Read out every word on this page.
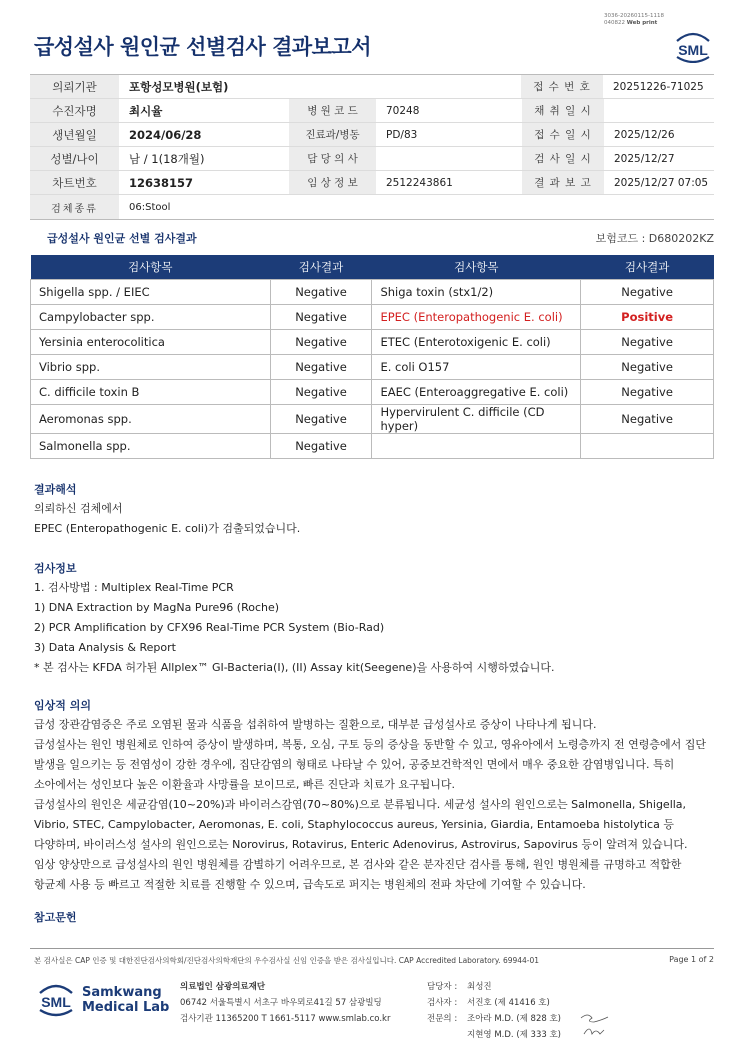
3036-20260115-1118
040822 Web print
급성설사 원인균 선별검사 결과보고서	SML
의뢰기관	포항성모병원(보험)	접 수 번 호	20251226-71025
수진자명	최시율	병 원 코 드	70248	채 취 일 시
생년월일	2024/06/28	진료과/병동	PD/83	접 수 일 시	2025/12/26
성별/나이	남 / 1(18개월)	담 당 의 사	검 사 일 시	2025/12/27
차트번호	12638157	임 상 정 보	2512243861	결 과 보 고	2025/12/27 07:05
검체종류	06:Stool
급성설사 원인균 선별 검사결과	보험코드 : D680202KZ
검사항목	검사결과	검사항목	검사결과
Shigella spp. / EIEC	Negative	Shiga toxin (stx1/2)	Negative
Campylobacter spp.	Negative	EPEC (Enteropathogenic E. coli)	Positive
Yersinia enterocolitica	Negative	ETEC (Enterotoxigenic E. coli)	Negative
Vibrio spp.	Negative	E. coli O157	Negative
C. difficile toxin B	Negative	EAEC (Enteroaggregative E. coli)	Negative
Aeromonas spp.	Negative	Hypervirulent C. difficile (CD hyper)	Negative
Salmonella spp.	Negative		
결과해석
의뢰하신 검체에서
EPEC (Enteropathogenic E. coli)가 검출되었습니다.
검사정보
1. 검사방법 : Multiplex Real-Time PCR
1) DNA Extraction by MagNa Pure96 (Roche)
2) PCR Amplification by CFX96 Real-Time PCR System (Bio-Rad)
3) Data Analysis & Report
* 본 검사는 KFDA 허가된 Allplex™ GI-Bacteria(I), (II) Assay kit(Seegene)을 사용하여 시행하였습니다.
임상적 의의
급성 장관감염증은 주로 오염된 물과 식품을 섭취하여 발병하는 질환으로, 대부분 급성설사로 증상이 나타나게 됩니다.
급성설사는 원인 병원체로 인하여 증상이 발생하며, 복통, 오심, 구토 등의 증상을 동반할 수 있고, 영유아에서 노령층까지 전 연령층에서 집단
발생을 일으키는 등 전염성이 강한 경우에, 집단감염의 형태로 나타날 수 있어, 공중보건학적인 면에서 매우 중요한 감염병입니다. 특히
소아에서는 성인보다 높은 이환율과 사망률을 보이므로, 빠른 진단과 치료가 요구됩니다.
급성설사의 원인은 세균감염(10~20%)과 바이러스감염(70~80%)으로 분류됩니다. 세균성 설사의 원인으로는 Salmonella, Shigella,
Vibrio, STEC, Campylobacter, Aeromonas, E. coli, Staphylococcus aureus, Yersinia, Giardia, Entamoeba histolytica 등
다양하며, 바이러스성 설사의 원인으로는 Norovirus, Rotavirus, Enteric Adenovirus, Astrovirus, Sapovirus 등이 알려져 있습니다.
임상 양상만으로 급성설사의 원인 병원체를 감별하기 어려우므로, 본 검사와 같은 분자진단 검사를 통해, 원인 병원체를 규명하고 적합한
항균제 사용 등 빠르고 적절한 치료를 진행할 수 있으며, 급속도로 퍼지는 병원체의 전파 차단에 기여할 수 있습니다.
참고문헌
본 검사실은 CAP 인증 및 대한진단검사의학회/진단검사의학재단의 우수검사실 신임 인증을 받은 검사실입니다. CAP Accredited Laboratory. 69944-01	Page 1 of 2
SML
Samkwang
Medical Lab
의료법인 삼광의료재단
06742 서울특별시 서초구 바우뫼로41길 57 삼광빌딩
검사기관 11365200 T 1661-5117 www.smlab.co.kr
담당자 :	최성진
검사자 :	서진호 (제 41416 호)
전문의 :	조아라 M.D. (제 828 호)
지현영 M.D. (제 333 호)
